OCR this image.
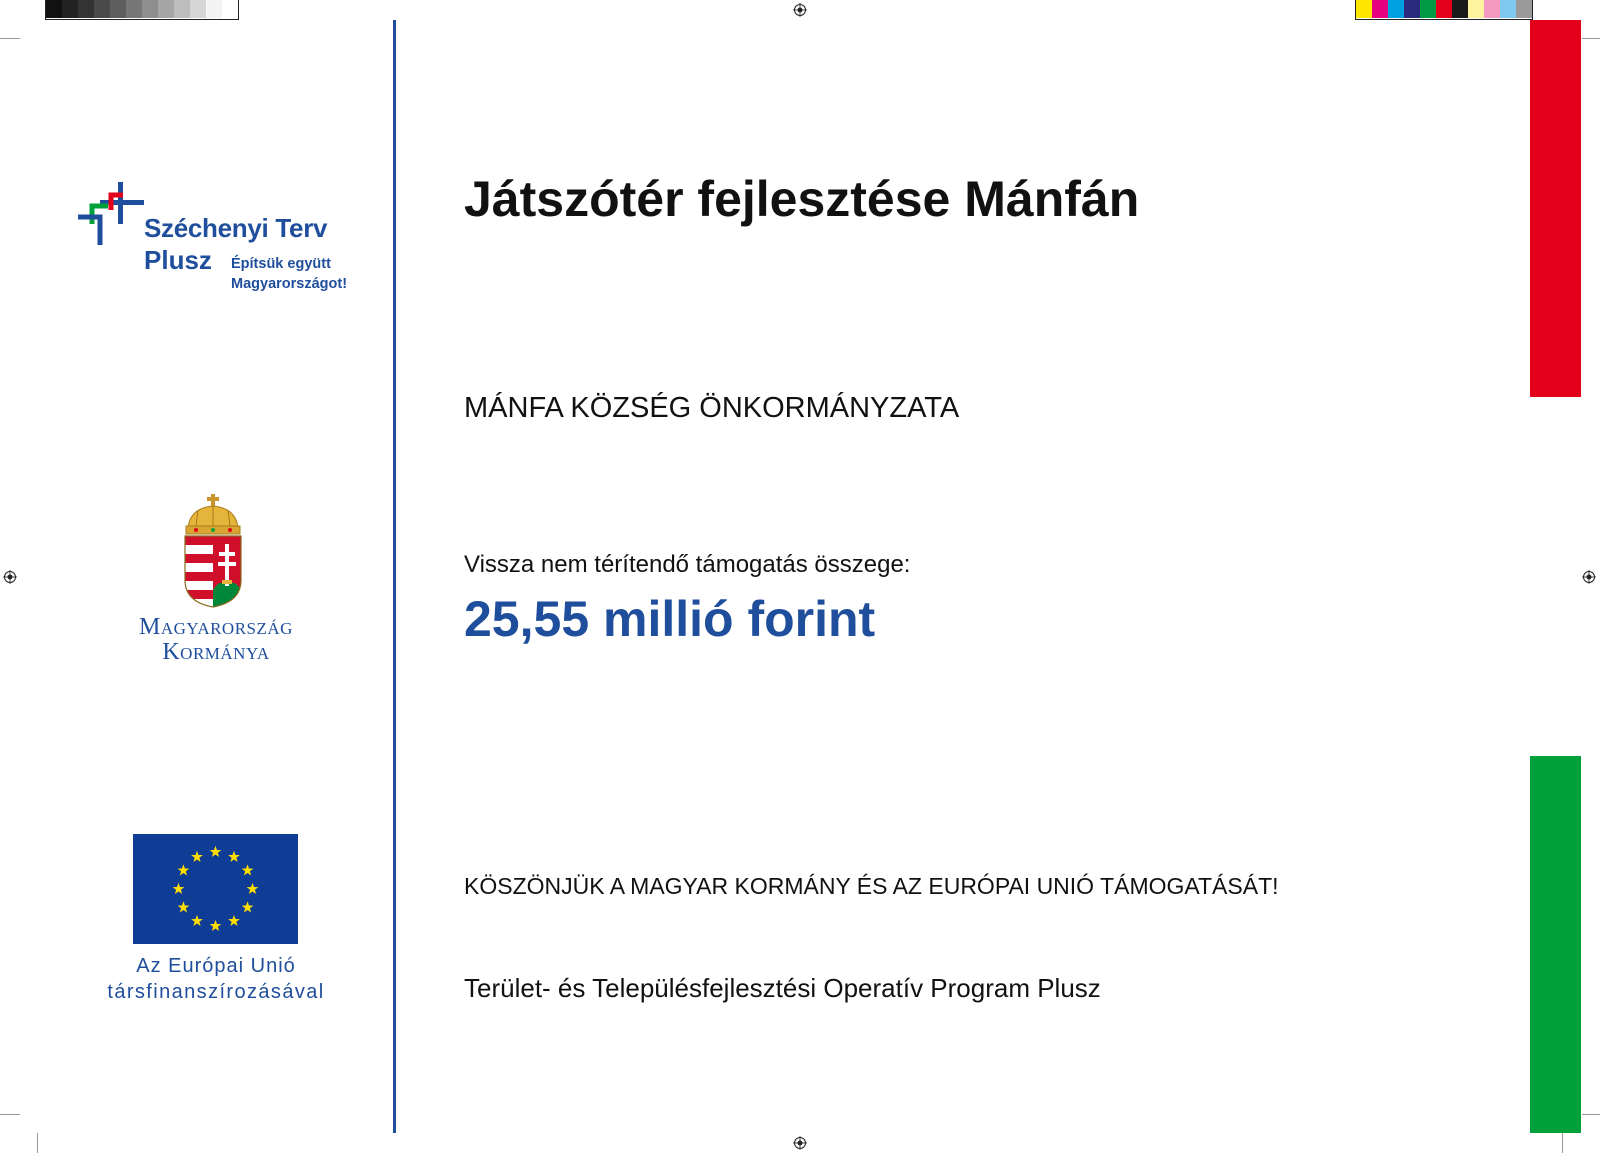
Széchenyi Terv
Plusz Építsük együtt
Magyarországot!
Magyarország
Kormánya
Az Európai Unió
társfinanszírozásával
Játszótér fejlesztése Mánfán
MÁNFA KÖZSÉG ÖNKORMÁNYZATA
Vissza nem térítendő támogatás összege:
25,55 millió forint
KÖSZÖNJÜK A MAGYAR KORMÁNY ÉS AZ EURÓPAI UNIÓ TÁMOGATÁSÁT!
Terület- és Településfejlesztési Operatív Program Plusz
